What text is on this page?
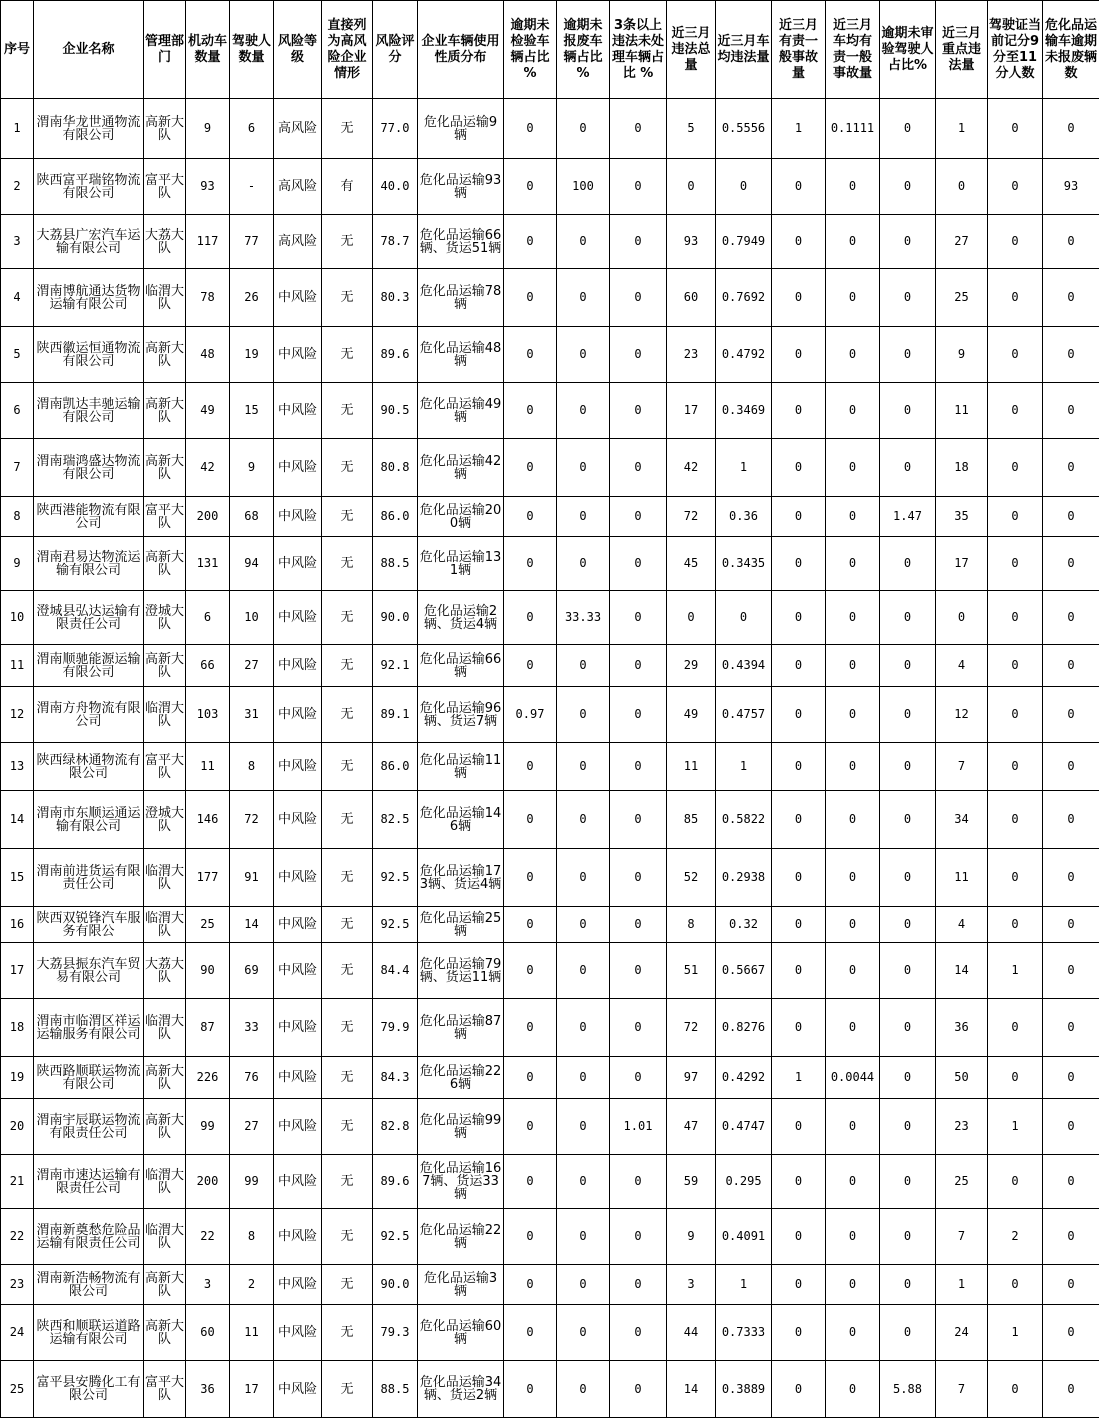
序号	企业名称	管理部门	机动车数量	驾驶人数量	风险等级	直接列为高风险企业情形	风险评分	企业车辆使用性质分布	逾期未检验车辆占比 %	逾期未报废车辆占比 %	3条以上违法未处理车辆占比 %	近三月违法总量	近三月车均违法量	近三月有责一般事故量	近三月车均有责一般事故量	逾期未审验驾驶人占比%	近三月重点违法量	驾驶证当前记分9分至11分人数	危化品运输车逾期未报废辆数
1	渭南华龙世通物流有限公司	高新大队	9	6	高风险	无	77.0	危化品运输9辆	0	0	0	5	0.5556	1	0.1111	0	1	0	0
2	陕西富平瑞铭物流有限公司	富平大队	93	-	高风险	有	40.0	危化品运输93辆	0	100	0	0	0	0	0	0	0	0	93
3	大荔县广宏汽车运输有限公司	大荔大队	117	77	高风险	无	78.7	危化品运输66辆、货运51辆	0	0	0	93	0.7949	0	0	0	27	0	0
4	渭南博航通达货物运输有限公司	临渭大队	78	26	中风险	无	80.3	危化品运输78辆	0	0	0	60	0.7692	0	0	0	25	0	0
5	陕西徽运恒通物流有限公司	高新大队	48	19	中风险	无	89.6	危化品运输48辆	0	0	0	23	0.4792	0	0	0	9	0	0
6	渭南凯达丰驰运输有限公司	高新大队	49	15	中风险	无	90.5	危化品运输49辆	0	0	0	17	0.3469	0	0	0	11	0	0
7	渭南瑞鸿盛达物流有限公司	高新大队	42	9	中风险	无	80.8	危化品运输42辆	0	0	0	42	1	0	0	0	18	0	0
8	陕西港能物流有限公司	富平大队	200	68	中风险	无	86.0	危化品运输200辆	0	0	0	72	0.36	0	0	1.47	35	0	0
9	渭南君易达物流运输有限公司	高新大队	131	94	中风险	无	88.5	危化品运输131辆	0	0	0	45	0.3435	0	0	0	17	0	0
10	澄城县弘达运输有限责任公司	澄城大队	6	10	中风险	无	90.0	危化品运输2辆、货运4辆	0	33.33	0	0	0	0	0	0	0	0	0
11	渭南顺驰能源运输有限公司	高新大队	66	27	中风险	无	92.1	危化品运输66辆	0	0	0	29	0.4394	0	0	0	4	0	0
12	渭南方舟物流有限公司	临渭大队	103	31	中风险	无	89.1	危化品运输96辆、货运7辆	0.97	0	0	49	0.4757	0	0	0	12	0	0
13	陕西绿林通物流有限公司	富平大队	11	8	中风险	无	86.0	危化品运输11辆	0	0	0	11	1	0	0	0	7	0	0
14	渭南市东顺运通运输有限公司	澄城大队	146	72	中风险	无	82.5	危化品运输146辆	0	0	0	85	0.5822	0	0	0	34	0	0
15	渭南前进货运有限责任公司	临渭大队	177	91	中风险	无	92.5	危化品运输173辆、货运4辆	0	0	0	52	0.2938	0	0	0	11	0	0
16	陕西双锐锋汽车服务有限公	临渭大队	25	14	中风险	无	92.5	危化品运输25辆	0	0	0	8	0.32	0	0	0	4	0	0
17	大荔县振东汽车贸易有限公司	大荔大队	90	69	中风险	无	84.4	危化品运输79辆、货运11辆	0	0	0	51	0.5667	0	0	0	14	1	0
18	渭南市临渭区祥运运输服务有限公司	临渭大队	87	33	中风险	无	79.9	危化品运输87辆	0	0	0	72	0.8276	0	0	0	36	0	0
19	陕西路顺联运物流有限公司	高新大队	226	76	中风险	无	84.3	危化品运输226辆	0	0	0	97	0.4292	1	0.0044	0	50	0	0
20	渭南宇辰联运物流有限责任公司	高新大队	99	27	中风险	无	82.8	危化品运输99辆	0	0	1.01	47	0.4747	0	0	0	23	1	0
21	渭南市速达运输有限责任公司	临渭大队	200	99	中风险	无	89.6	危化品运输167辆、货运33辆	0	0	0	59	0.295	0	0	0	25	0	0
22	渭南新奠愁危险品运输有限责任公司	临渭大队	22	8	中风险	无	92.5	危化品运输22辆	0	0	0	9	0.4091	0	0	0	7	2	0
23	渭南新浩畅物流有限公司	高新大队	3	2	中风险	无	90.0	危化品运输3辆	0	0	0	3	1	0	0	0	1	0	0
24	陕西和顺联运道路运输有限公司	高新大队	60	11	中风险	无	79.3	危化品运输60辆	0	0	0	44	0.7333	0	0	0	24	1	0
25	富平县安腾化工有限公司	富平大队	36	17	中风险	无	88.5	危化品运输34辆、货运2辆	0	0	0	14	0.3889	0	0	5.88	7	0	0
